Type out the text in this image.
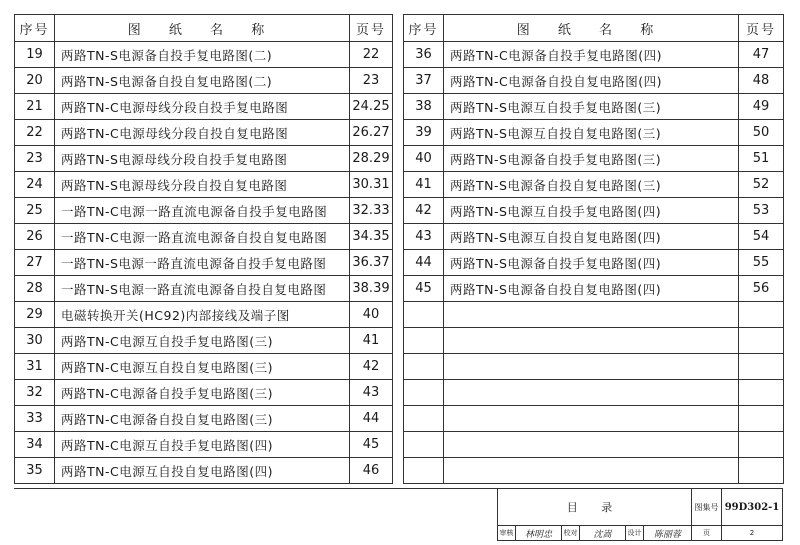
序号	图 纸 名 称	页号
19	两路TN-S电源备自投手复电路图(二)	22
20	两路TN-S电源备自投自复电路图(二)	23
21	两路TN-C电源母线分段自投手复电路图	24.25
22	两路TN-C电源母线分段自投自复电路图	26.27
23	两路TN-S电源母线分段自投手复电路图	28.29
24	两路TN-S电源母线分段自投自复电路图	30.31
25	一路TN-C电源一路直流电源备自投手复电路图	32.33
26	一路TN-C电源一路直流电源备自投自复电路图	34.35
27	一路TN-S电源一路直流电源备自投手复电路图	36.37
28	一路TN-S电源一路直流电源备自投自复电路图	38.39
29	电磁转换开关(HC92)内部接线及端子图	40
30	两路TN-C电源互自投手复电路图(三)	41
31	两路TN-C电源互自投自复电路图(三)	42
32	两路TN-C电源备自投手复电路图(三)	43
33	两路TN-C电源备自投自复电路图(三)	44
34	两路TN-C电源互自投手复电路图(四)	45
35	两路TN-C电源互自投自复电路图(四)	46
序号	图 纸 名 称	页号
36	两路TN-C电源备自投手复电路图(四)	47
37	两路TN-C电源备自投自复电路图(四)	48
38	两路TN-S电源互自投手复电路图(三)	49
39	两路TN-S电源互自投自复电路图(三)	50
40	两路TN-S电源备自投手复电路图(三)	51
41	两路TN-S电源备自投自复电路图(三)	52
42	两路TN-S电源互自投手复电路图(四)	53
43	两路TN-S电源互自投自复电路图(四)	54
44	两路TN-S电源备自投手复电路图(四)	55
45	两路TN-S电源备自投自复电路图(四)	56

目 录	图集号 99D302-1
审核	林明忠	校对	沈嵩	设计	陈丽蓉	页	2
